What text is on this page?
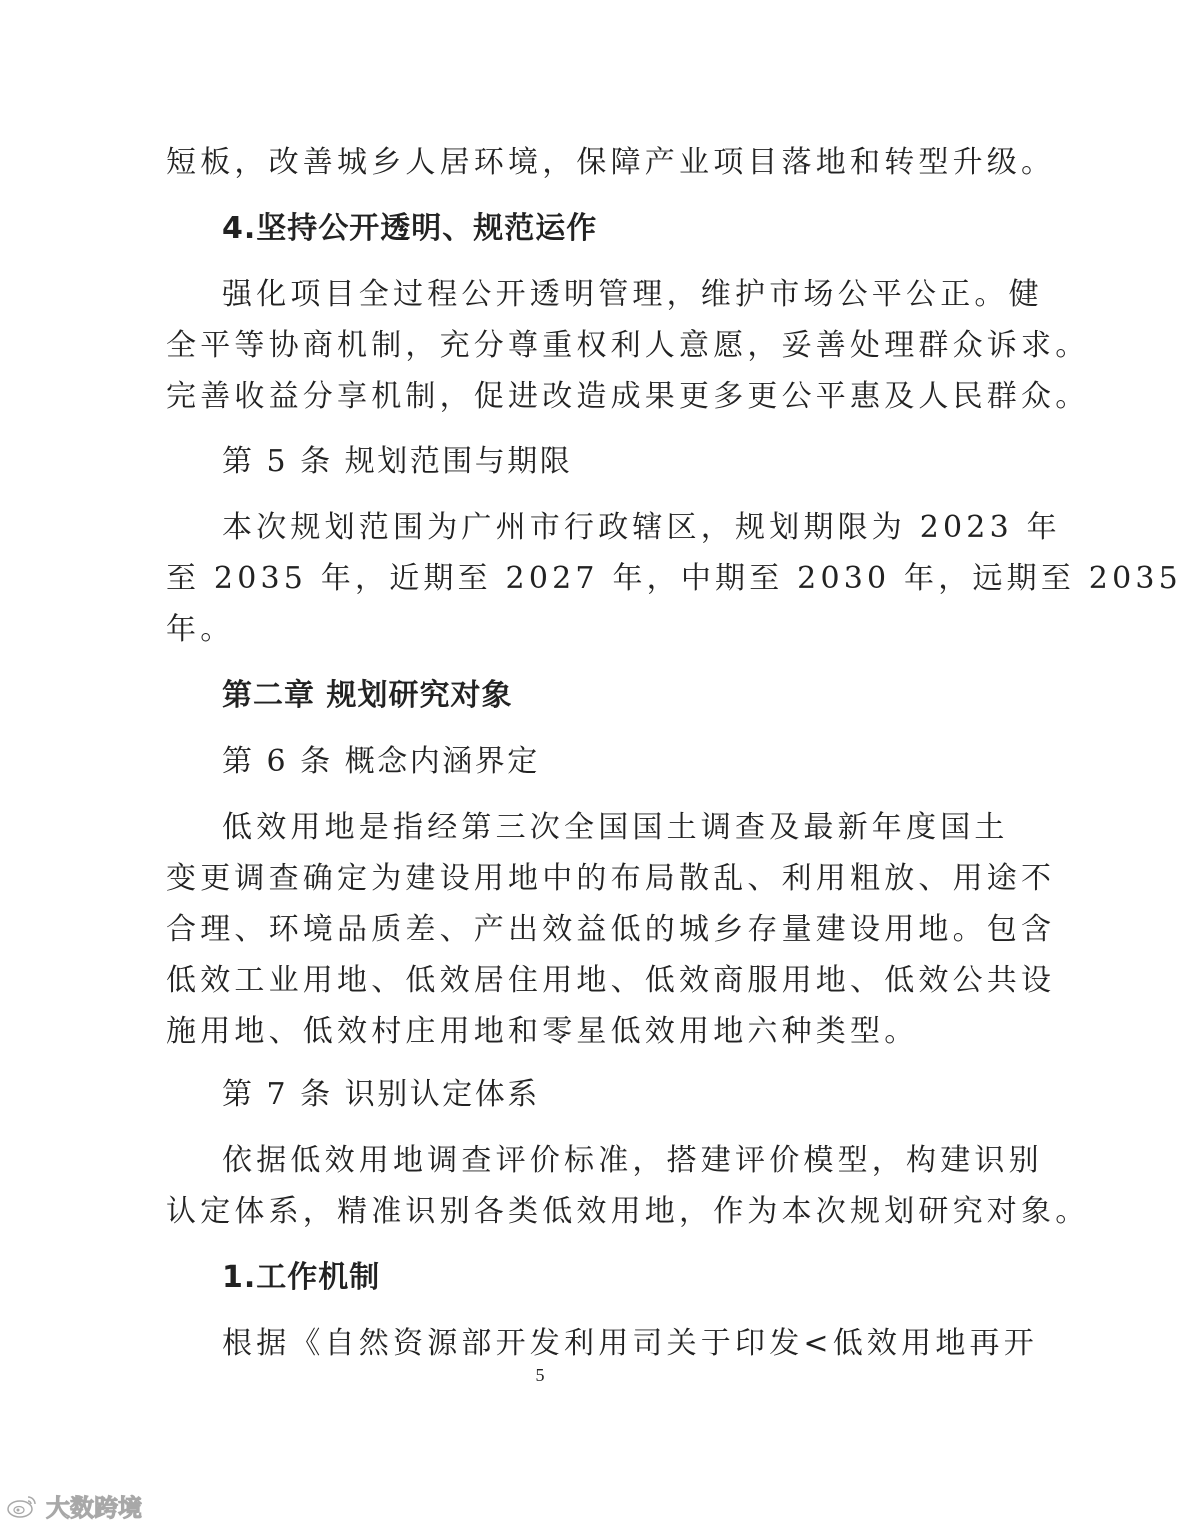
短板，改善城乡人居环境，保障产业项目落地和转型升级。
4.坚持公开透明、规范运作
强化项目全过程公开透明管理，维护市场公平公正。健
全平等协商机制，充分尊重权利人意愿，妥善处理群众诉求。
完善收益分享机制，促进改造成果更多更公平惠及人民群众。
第 5 条 规划范围与期限
本次规划范围为广州市行政辖区，规划期限为 2023 年
至 2035 年，近期至 2027 年，中期至 2030 年，远期至 2035
年。
第二章 规划研究对象
第 6 条 概念内涵界定
低效用地是指经第三次全国国土调查及最新年度国土
变更调查确定为建设用地中的布局散乱、利用粗放、用途不
合理、环境品质差、产出效益低的城乡存量建设用地。包含
低效工业用地、低效居住用地、低效商服用地、低效公共设
施用地、低效村庄用地和零星低效用地六种类型。
第 7 条 识别认定体系
依据低效用地调查评价标准，搭建评价模型，构建识别
认定体系，精准识别各类低效用地，作为本次规划研究对象。
1.工作机制
根据《自然资源部开发利用司关于印发<低效用地再开
5
大数跨境
